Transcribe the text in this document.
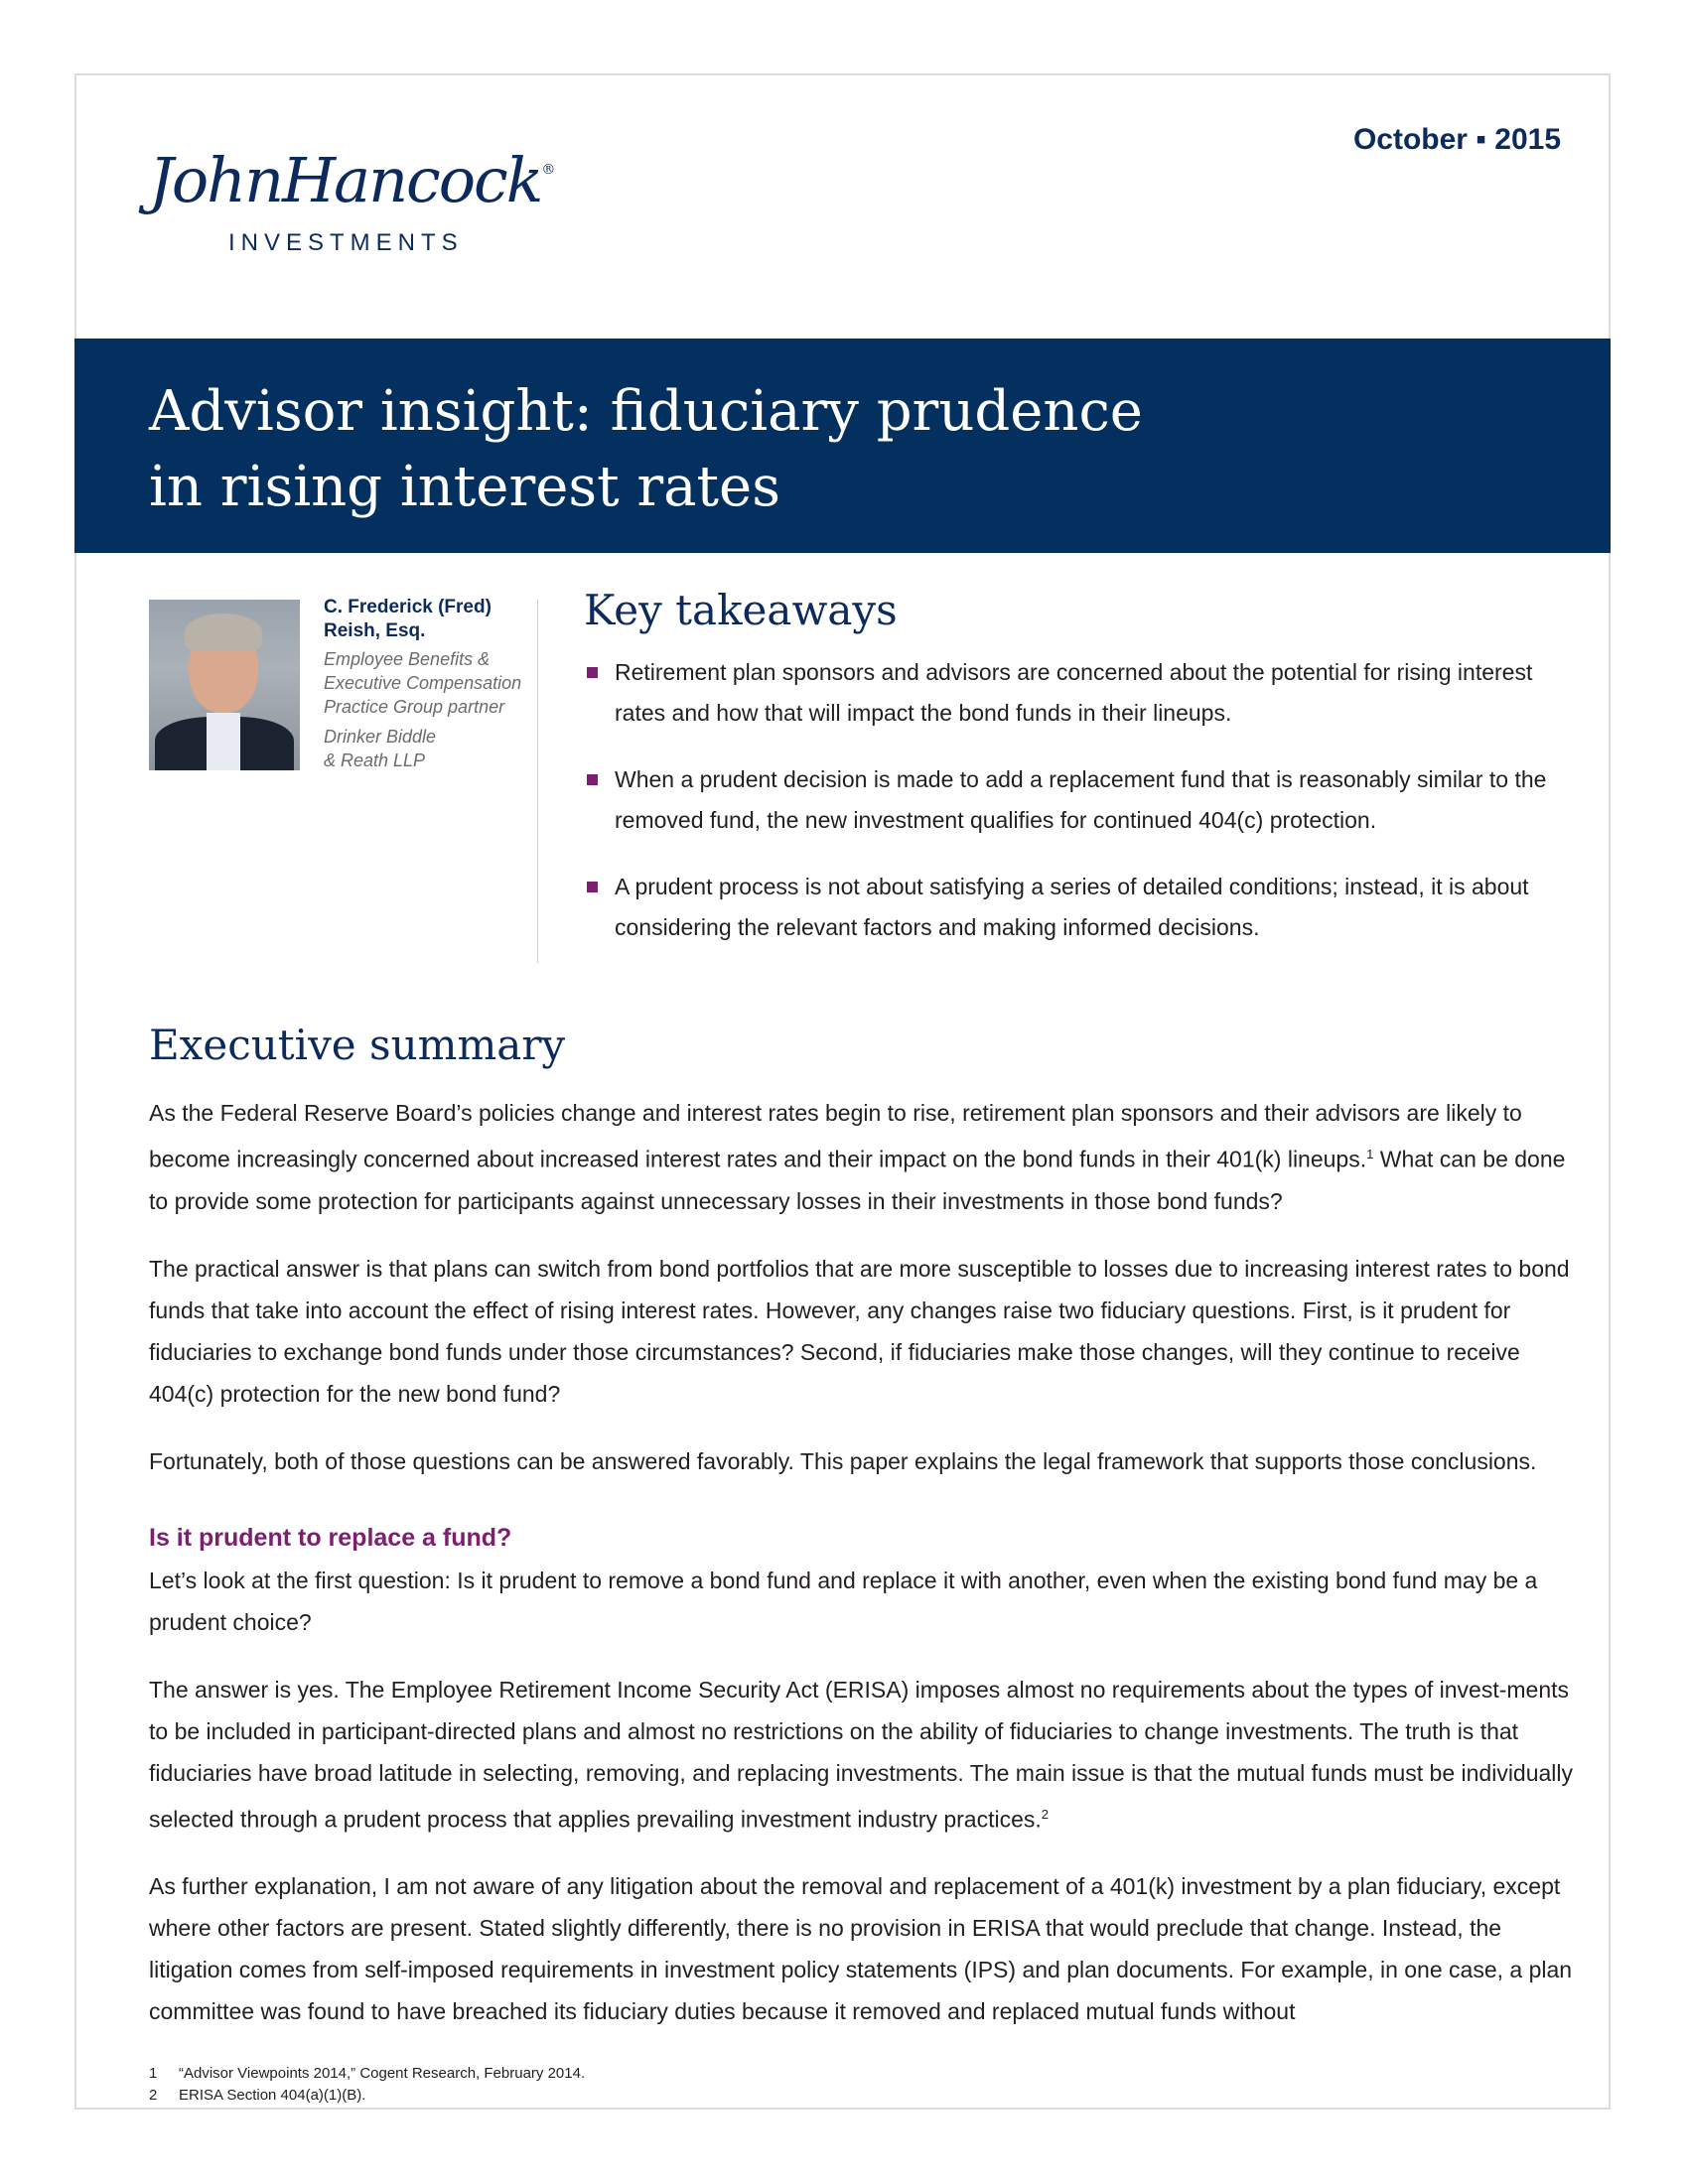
JohnHancock®
INVESTMENTS
October ▪ 2015
Advisor insight: fiduciary prudence
in rising interest rates
C. Frederick (Fred)
Reish, Esq.
Employee Benefits &
Executive Compensation
Practice Group partner
Drinker Biddle
& Reath LLP
Key takeaways
Retirement plan sponsors and advisors are concerned about the potential for rising interest rates and how that will impact the bond funds in their lineups.
When a prudent decision is made to add a replacement fund that is reasonably similar to the removed fund, the new investment qualifies for continued 404(c) protection.
A prudent process is not about satisfying a series of detailed conditions; instead, it is about considering the relevant factors and making informed decisions.
Executive summary

As the Federal Reserve Board’s policies change and interest rates begin to rise, retirement plan sponsors and their advisors are likely to become increasingly concerned about increased interest rates and their impact on the bond funds in their 401(k) lineups.$^1$ What can be done to provide some protection for participants against unnecessary losses in their investments in those bond funds?

The practical answer is that plans can switch from bond portfolios that are more susceptible to losses due to increasing interest rates to bond funds that take into account the effect of rising interest rates. However, any changes raise two fiduciary questions. First, is it prudent for fiduciaries to exchange bond funds under those circumstances? Second, if fiduciaries make those changes, will they continue to receive 404(c) protection for the new bond fund?

Fortunately, both of those questions can be answered favorably. This paper explains the legal framework that supports those conclusions.

Is it prudent to replace a fund?

Let’s look at the first question: Is it prudent to remove a bond fund and replace it with another, even when the existing bond fund may be a prudent choice?

The answer is yes. The Employee Retirement Income Security Act (ERISA) imposes almost no requirements about the types of invest-ments to be included in participant-directed plans and almost no restrictions on the ability of fiduciaries to change investments. The truth is that fiduciaries have broad latitude in selecting, removing, and replacing investments. The main issue is that the mutual funds must be individually selected through a prudent process that applies prevailing investment industry practices.$^2$

As further explanation, I am not aware of any litigation about the removal and replacement of a 401(k) investment by a plan fiduciary, except where other factors are present. Stated slightly differently, there is no provision in ERISA that would preclude that change. Instead, the litigation comes from self-imposed requirements in investment policy statements (IPS) and plan documents. For example, in one case, a plan committee was found to have breached its fiduciary duties because it removed and replaced mutual funds without

1	“Advisor Viewpoints 2014,” Cogent Research, February 2014.
2	ERISA Section 404(a)(1)(B).
